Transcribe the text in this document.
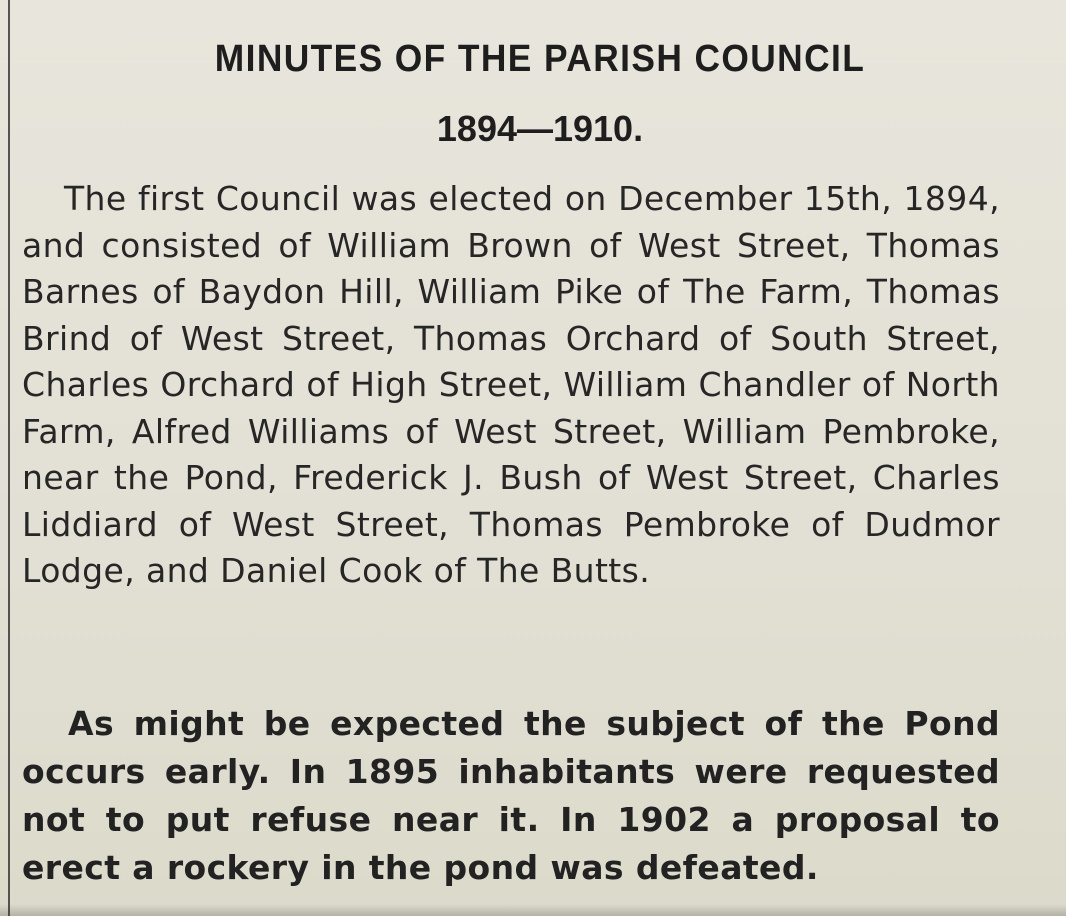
MINUTES OF THE PARISH COUNCIL
1894—1910.

The first Council was elected on December 15th, 1894, and consisted of William Brown of West Street, Thomas Barnes of Baydon Hill, William Pike of The Farm, Thomas Brind of West Street, Thomas Orchard of South Street, Charles Orchard of High Street, William Chandler of North Farm, Alfred Williams of West Street, William Pembroke, near the Pond, Frederick J. Bush of West Street, Charles Liddiard of West Street, Thomas Pembroke of Dudmor Lodge, and Daniel Cook of The Butts.

As might be expected the subject of the Pond occurs early. In 1895 inhabitants were requested not to put refuse near it. In 1902 a proposal to erect a rockery in the pond was defeated.
